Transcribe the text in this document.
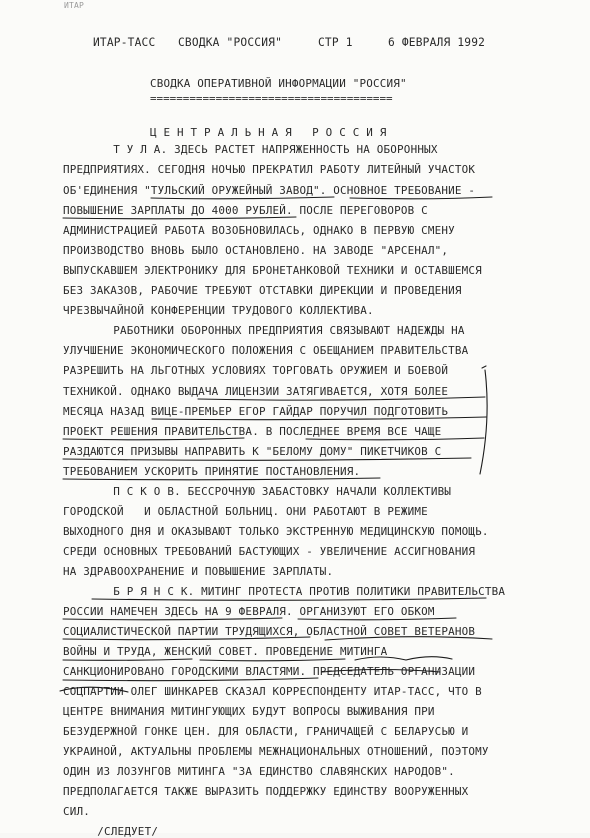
ИТАР
ИТАР-ТАСС СВОДКА "РОССИЯ"	СТР 1	6 ФЕВРАЛЯ 1992
СВОДКА ОПЕРАТИВНОЙ ИНФОРМАЦИИ "РОССИЯ"
=====================================
Ц Е Н Т Р А Л Ь Н А Я   Р О С С И Я
Т У Л А. ЗДЕСЬ РАСТЕТ НАПРЯЖЕННОСТЬ НА ОБОРОННЫХ
ПРЕДПРИЯТИЯХ. СЕГОДНЯ НОЧЬЮ ПРЕКРАТИЛ РАБОТУ ЛИТЕЙНЫЙ УЧАСТОК
ОБ'ЕДИНЕНИЯ "ТУЛЬСКИЙ ОРУЖЕЙНЫЙ ЗАВОД". ОСНОВНОЕ ТРЕБОВАНИЕ -
ПОВЫШЕНИЕ ЗАРПЛАТЫ ДО 4000 РУБЛЕЙ. ПОСЛЕ ПЕРЕГОВОРОВ С
АДМИНИСТРАЦИЕЙ РАБОТА ВОЗОБНОВИЛАСЬ, ОДНАКО В ПЕРВУЮ СМЕНУ
ПРОИЗВОДСТВО ВНОВЬ БЫЛО ОСТАНОВЛЕНО. НА ЗАВОДЕ "АРСЕНАЛ",
ВЫПУСКАВШЕМ ЭЛЕКТРОНИКУ ДЛЯ БРОНЕТАНКОВОЙ ТЕХНИКИ И ОСТАВШЕМСЯ
БЕЗ ЗАКАЗОВ, РАБОЧИЕ ТРЕБУЮТ ОТСТАВКИ ДИРЕКЦИИ И ПРОВЕДЕНИЯ
ЧРЕЗВЫЧАЙНОЙ КОНФЕРЕНЦИИ ТРУДОВОГО КОЛЛЕКТИВА.
РАБОТНИКИ ОБОРОННЫХ ПРЕДПРИЯТИЯ СВЯЗЫВАЮТ НАДЕЖДЫ НА
УЛУЧШЕНИЕ ЭКОНОМИЧЕСКОГО ПОЛОЖЕНИЯ С ОБЕЩАНИЕМ ПРАВИТЕЛЬСТВА
РАЗРЕШИТЬ НА ЛЬГОТНЫХ УСЛОВИЯХ ТОРГОВАТЬ ОРУЖИЕМ И БОЕВОЙ
ТЕХНИКОЙ. ОДНАКО ВЫДАЧА ЛИЦЕНЗИИ ЗАТЯГИВАЕТСЯ, ХОТЯ БОЛЕЕ
МЕСЯЦА НАЗАД ВИЦЕ-ПРЕМЬЕР ЕГОР ГАЙДАР ПОРУЧИЛ ПОДГОТОВИТЬ
ПРОЕКТ РЕШЕНИЯ ПРАВИТЕЛЬСТВА. В ПОСЛЕДНЕЕ ВРЕМЯ ВСЕ ЧАЩЕ
РАЗДАЮТСЯ ПРИЗЫВЫ НАПРАВИТЬ К "БЕЛОМУ ДОМУ" ПИКЕТЧИКОВ С
ТРЕБОВАНИЕМ УСКОРИТЬ ПРИНЯТИЕ ПОСТАНОВЛЕНИЯ.
П С К О В. БЕССРОЧНУЮ ЗАБАСТОВКУ НАЧАЛИ КОЛЛЕКТИВЫ
ГОРОДСКОЙ   И ОБЛАСТНОЙ БОЛЬНИЦ. ОНИ РАБОТАЮТ В РЕЖИМЕ
ВЫХОДНОГО ДНЯ И ОКАЗЫВАЮТ ТОЛЬКО ЭКСТРЕННУЮ МЕДИЦИНСКУЮ ПОМОЩЬ.
СРЕДИ ОСНОВНЫХ ТРЕБОВАНИЙ БАСТУЮЩИХ - УВЕЛИЧЕНИЕ АССИГНОВАНИЯ
НА ЗДРАВООХРАНЕНИЕ И ПОВЫШЕНИЕ ЗАРПЛАТЫ.
Б Р Я Н С К. МИТИНГ ПРОТЕСТА ПРОТИВ ПОЛИТИКИ ПРАВИТЕЛЬСТВА
РОССИИ НАМЕЧЕН ЗДЕСЬ НА 9 ФЕВРАЛЯ. ОРГАНИЗУЮТ ЕГО ОБКОМ
СОЦИАЛИСТИЧЕСКОЙ ПАРТИИ ТРУДЯЩИХСЯ, ОБЛАСТНОЙ СОВЕТ ВЕТЕРАНОВ
ВОЙНЫ И ТРУДА, ЖЕНСКИЙ СОВЕТ. ПРОВЕДЕНИЕ МИТИНГА
САНКЦИОНИРОВАНО ГОРОДСКИМИ ВЛАСТЯМИ. ПРЕДСЕДАТЕЛЬ ОРГАНИЗАЦИИ
СОЦПАРТИИ ОЛЕГ ШИНКАРЕВ СКАЗАЛ КОРРЕСПОНДЕНТУ ИТАР-ТАСС, ЧТО В
ЦЕНТРЕ ВНИМАНИЯ МИТИНГУЮЩИХ БУДУТ ВОПРОСЫ ВЫЖИВАНИЯ ПРИ
БЕЗУДЕРЖНОЙ ГОНКЕ ЦЕН. ДЛЯ ОБЛАСТИ, ГРАНИЧАЩЕЙ С БЕЛАРУСЬЮ И
УКРАИНОЙ, АКТУАЛЬНЫ ПРОБЛЕМЫ МЕЖНАЦИОНАЛЬНЫХ ОТНОШЕНИЙ, ПОЭТОМУ
ОДИН ИЗ ЛОЗУНГОВ МИТИНГА "ЗА ЕДИНСТВО СЛАВЯНСКИХ НАРОДОВ".
ПРЕДПОЛАГАЕТСЯ ТАКЖЕ ВЫРАЗИТЬ ПОДДЕРЖКУ ЕДИНСТВУ ВООРУЖЕННЫХ
СИЛ.
/СЛЕДУЕТ/
